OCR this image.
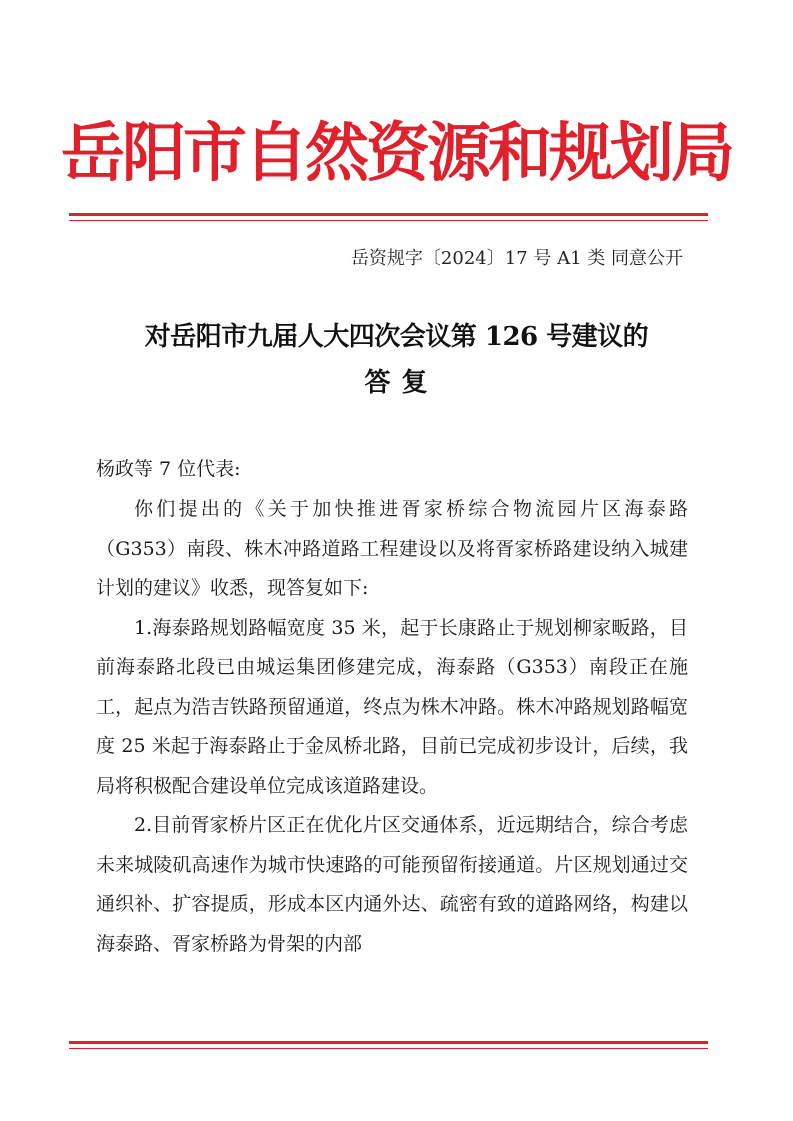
岳阳市自然资源和规划局
岳资规字〔2024〕17 号 A1 类 同意公开
对岳阳市九届人大四次会议第 126 号建议的
答 复
杨政等 7 位代表:

你们提出的《关于加快推进胥家桥综合物流园片区海泰路（G353）南段、株木冲路道路工程建设以及将胥家桥路建设纳入城建计划的建议》收悉，现答复如下:

1.海泰路规划路幅宽度 35 米，起于长康路止于规划柳家畈路，目前海泰路北段已由城运集团修建完成，海泰路（G353）南段正在施工，起点为浩吉铁路预留通道，终点为株木冲路。株木冲路规划路幅宽度 25 米起于海泰路止于金凤桥北路，目前已完成初步设计，后续，我局将积极配合建设单位完成该道路建设。

2.目前胥家桥片区正在优化片区交通体系，近远期结合，综合考虑未来城陵矶高速作为城市快速路的可能预留衔接通道。片区规划通过交通织补、扩容提质，形成本区内通外达、疏密有致的道路网络，构建以海泰路、胥家桥路为骨架的内部
